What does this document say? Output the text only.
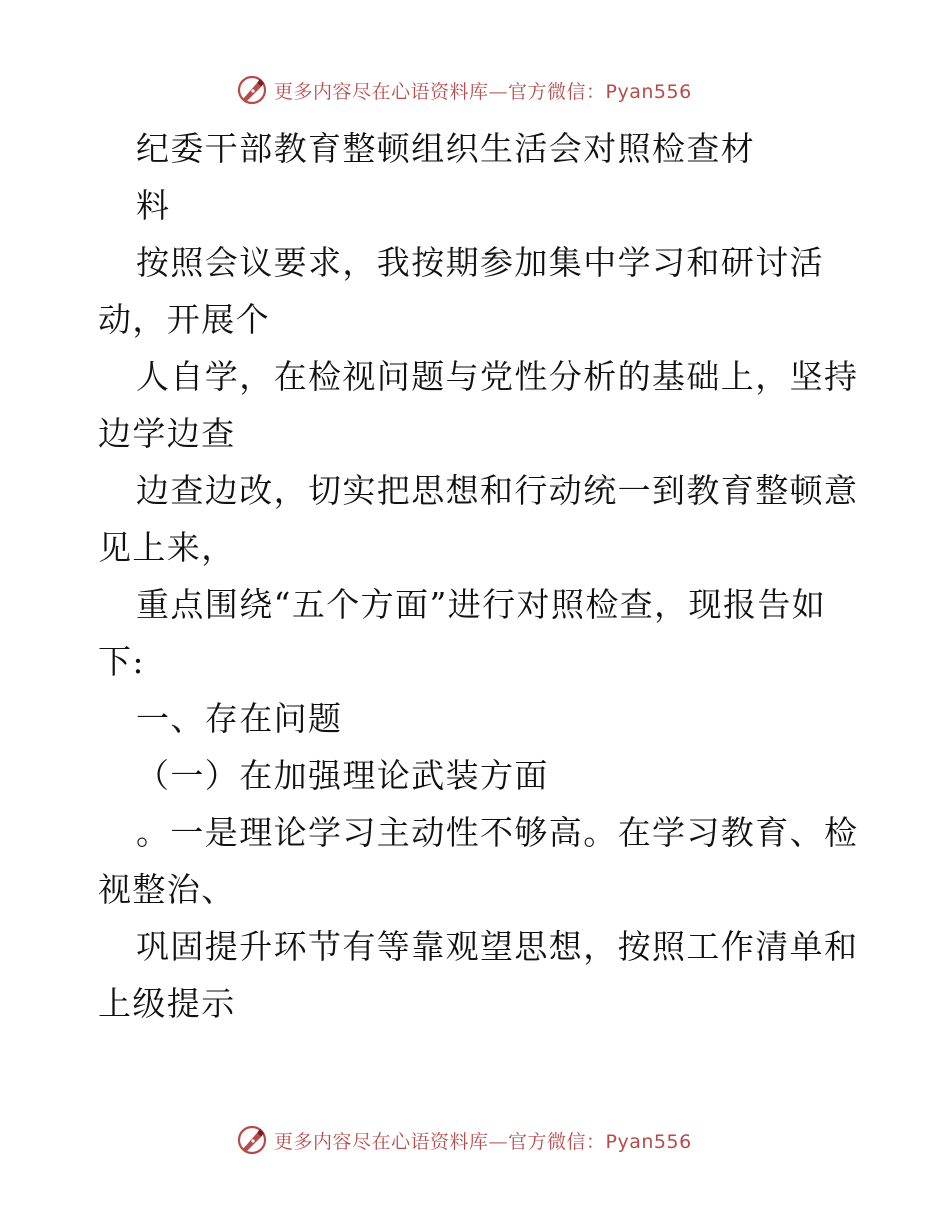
更多内容尽在心语资料库—官方微信：Pyan556
纪委干部教育整顿组织生活会对照检查材
料
按照会议要求，我按期参加集中学习和研讨活
动，开展个
人自学，在检视问题与党性分析的基础上，坚持
边学边查
边查边改，切实把思想和行动统一到教育整顿意
见上来，
重点围绕“五个方面”进行对照检查，现报告如
下:
一、存在问题
（一）在加强理论武装方面
。一是理论学习主动性不够高。在学习教育、检
视整治、
巩固提升环节有等靠观望思想，按照工作清单和
上级提示
更多内容尽在心语资料库—官方微信：Pyan556
